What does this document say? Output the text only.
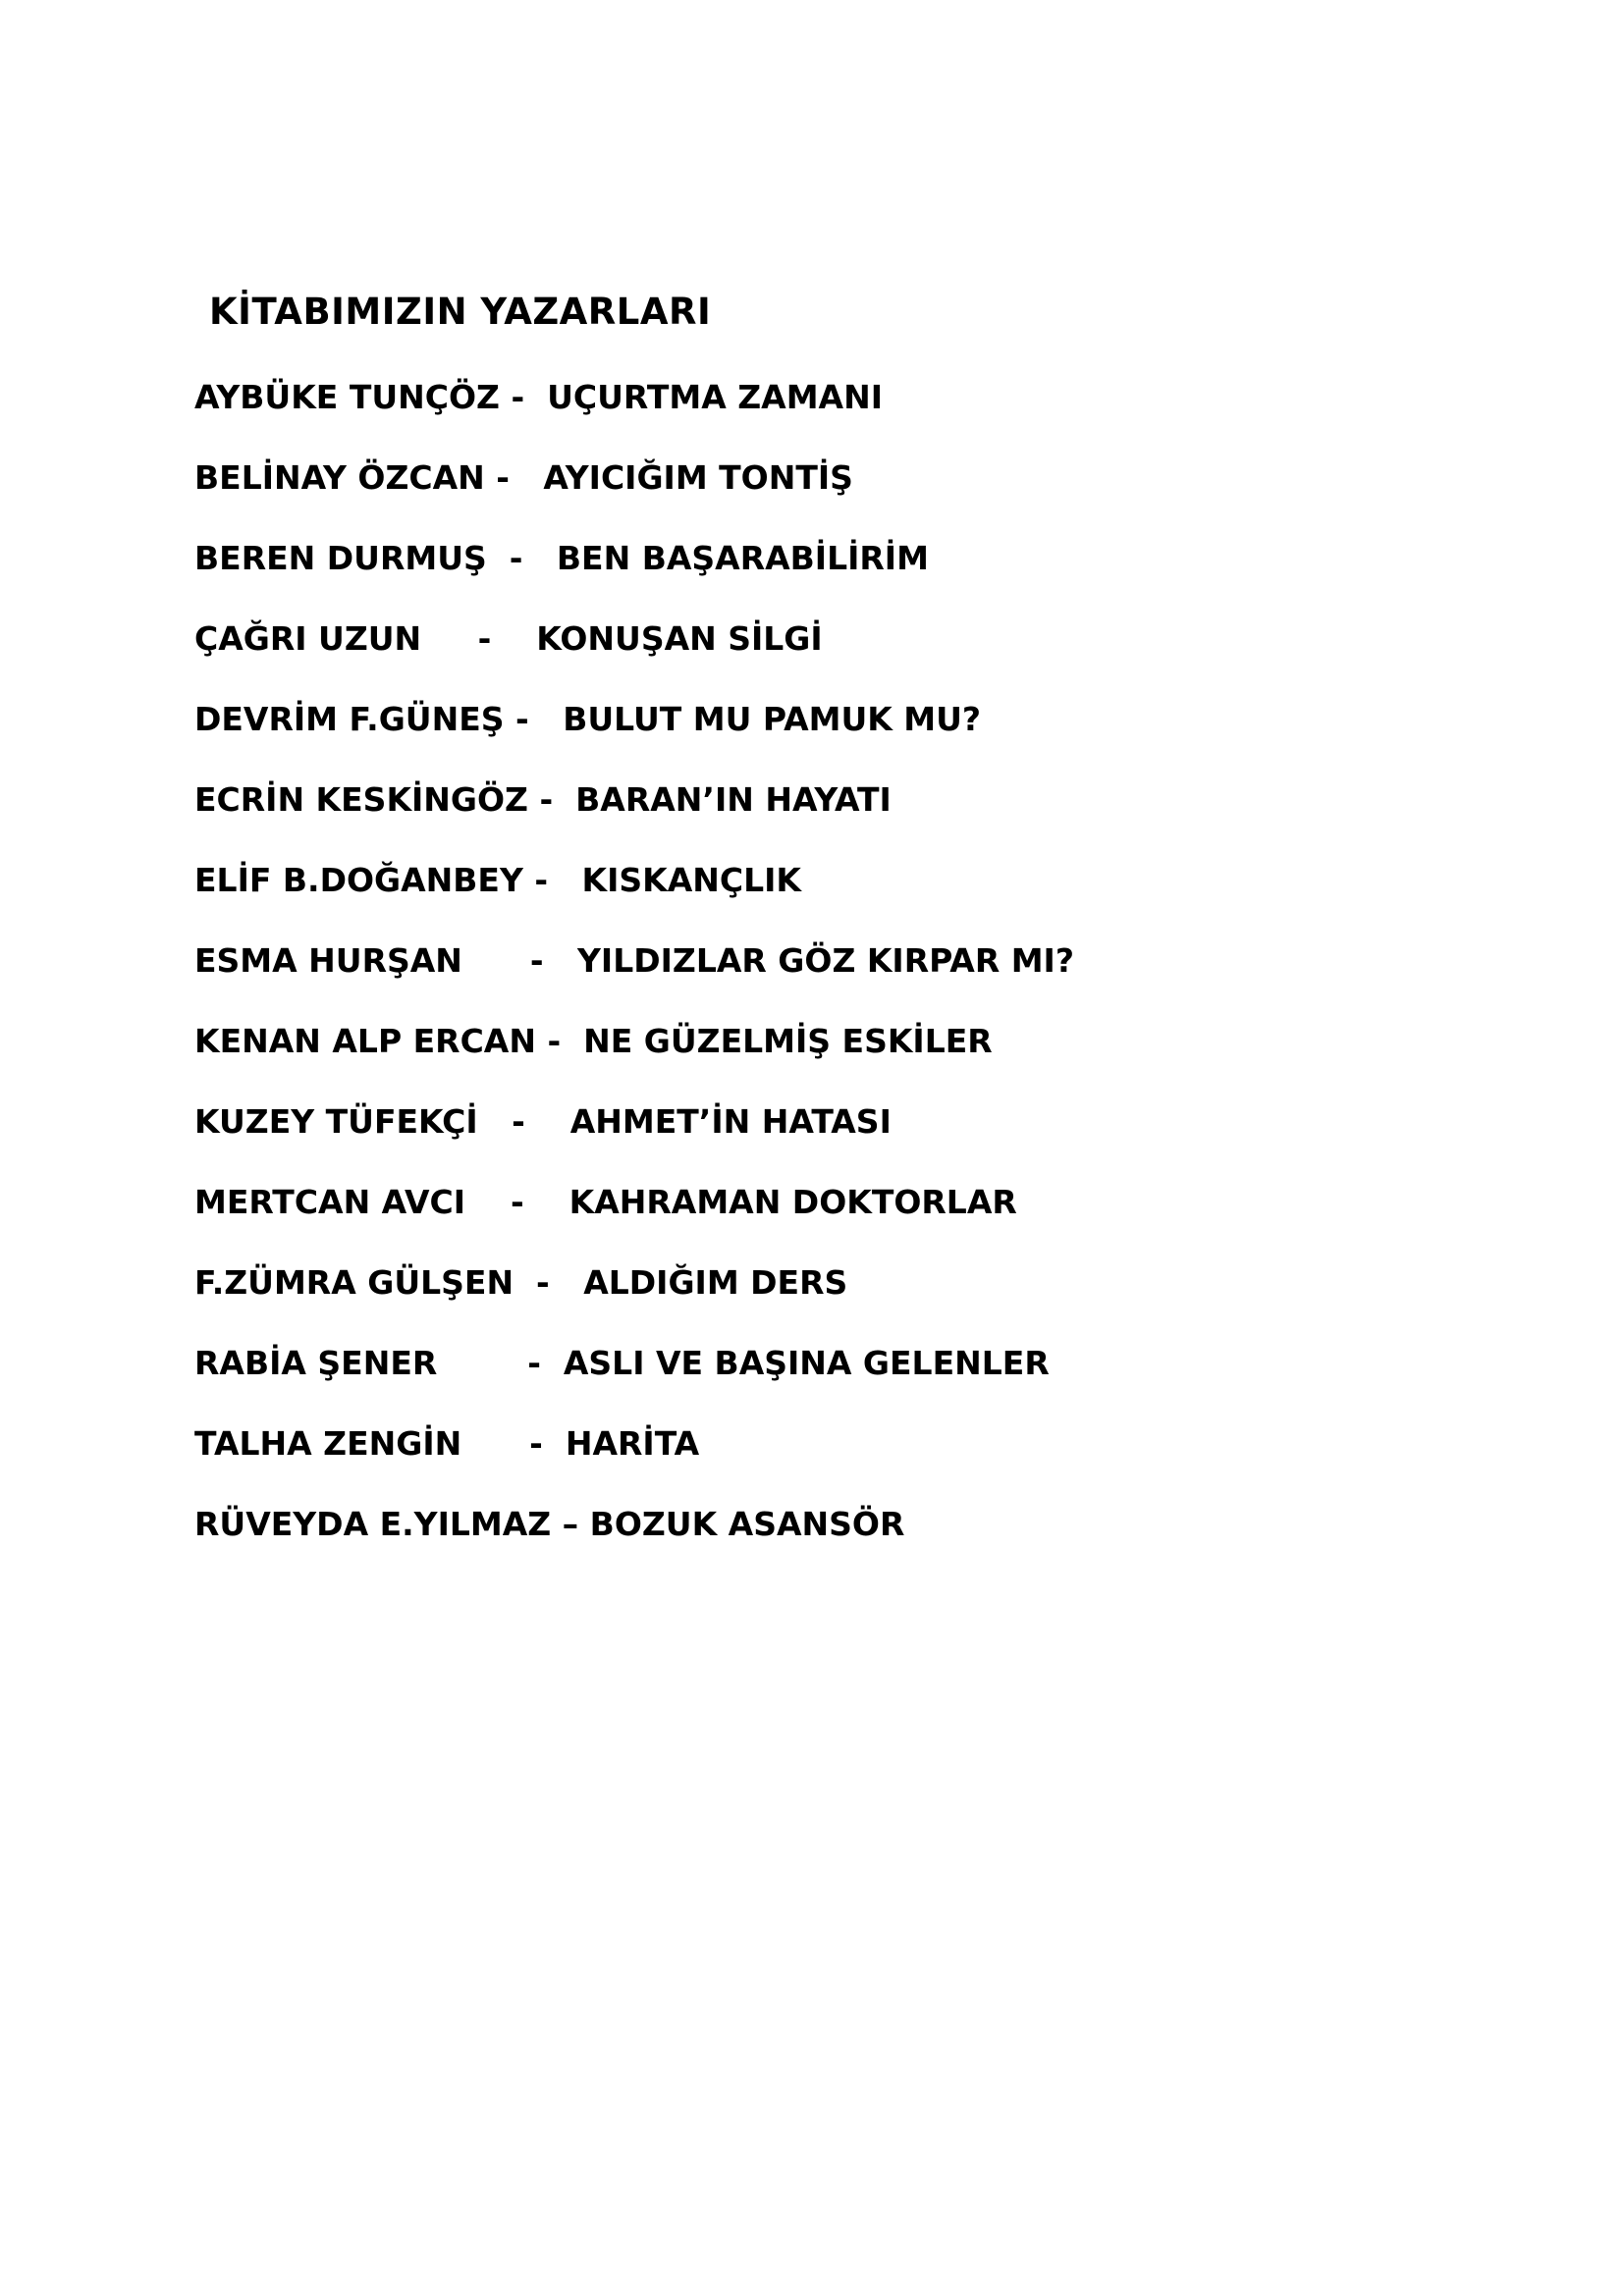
KİTABIMIZIN YAZARLARI
AYBÜKE TUNÇÖZ -  UÇURTMA ZAMANI
BELİNAY ÖZCAN -   AYICIĞIM TONTİŞ
BEREN DURMUŞ  -   BEN BAŞARABİLİRİM
ÇAĞRI UZUN     -    KONUŞAN SİLGİ
DEVRİM F.GÜNEŞ -   BULUT MU PAMUK MU?
ECRİN KESKİNGÖZ -  BARAN’IN HAYATI
ELİF B.DOĞANBEY -   KISKANÇLIK
ESMA HURŞAN      -   YILDIZLAR GÖZ KIRPAR MI?
KENAN ALP ERCAN -  NE GÜZELMİŞ ESKİLER
KUZEY TÜFEKÇİ   -    AHMET’İN HATASI
MERTCAN AVCI    -    KAHRAMAN DOKTORLAR
F.ZÜMRA GÜLŞEN  -   ALDIĞIM DERS
RABİA ŞENER        -  ASLI VE BAŞINA GELENLER
TALHA ZENGİN      -  HARİTA
RÜVEYDA E.YILMAZ – BOZUK ASANSÖR
